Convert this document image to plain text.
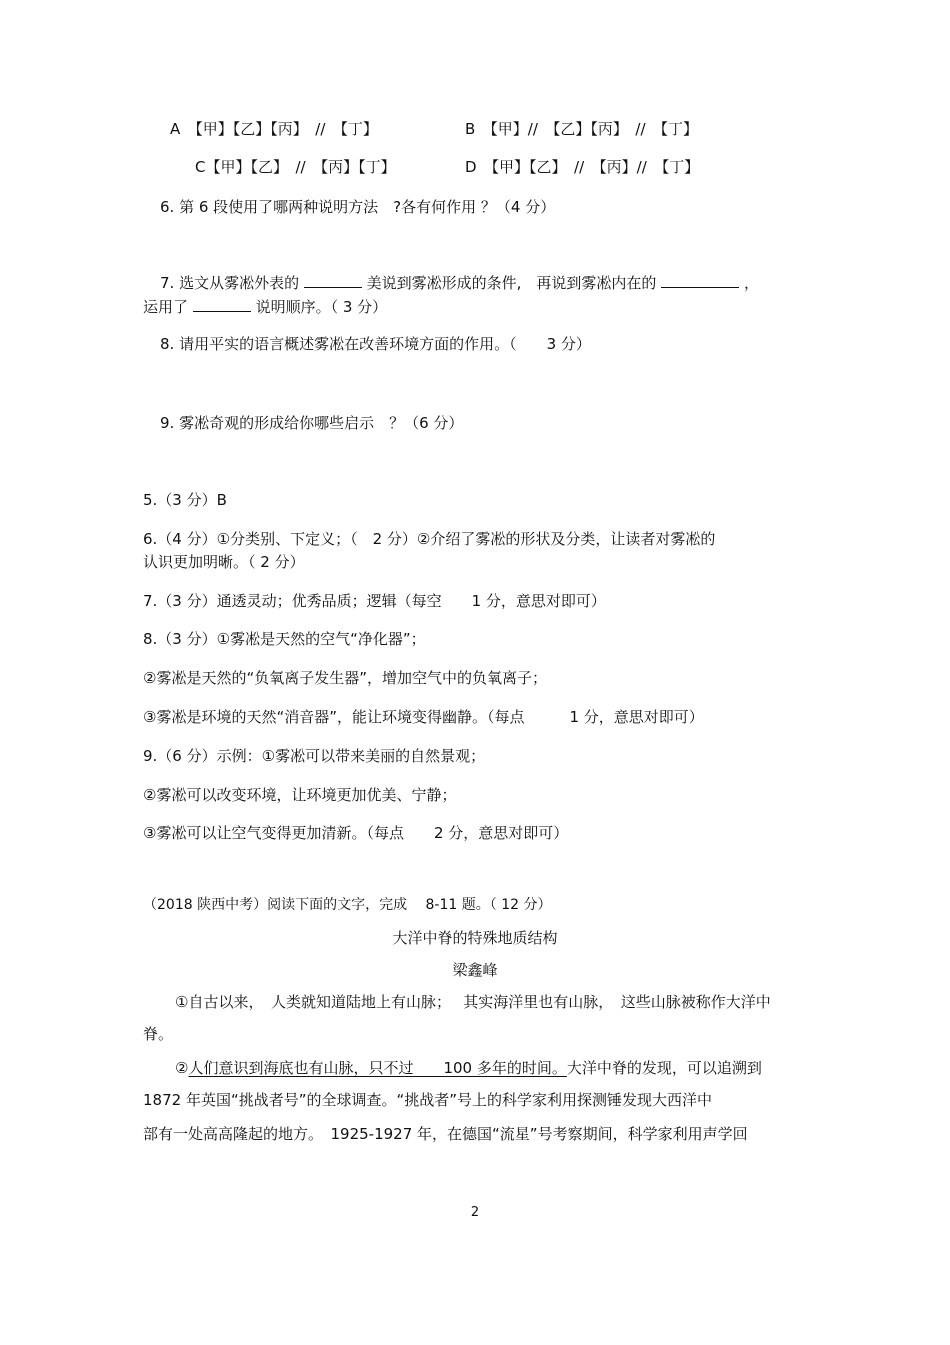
A　【甲】【乙】【丙】　//　【丁】	B　【甲】//　【乙】【丙】　//　【丁】
C【甲】【乙】　//　【丙】【丁】	D　【甲】【乙】　//　【丙】//　【丁】
6. 第 6 段使用了哪两种说明方法　?各有何作用 ？（4 分）
7. 选文从雾凇外表的	美说到雾凇形成的条件,　再说到雾凇内在的	，
运用了	说明顺序。（ 3 分）
8. 请用平实的语言概述雾凇在改善环境方面的作用。（　　3 分）
9. 雾凇奇观的形成给你哪些启示　？（6 分）
5.（3 分）B
6.（4 分）①分类别、下定义；（　2 分）②介绍了雾凇的形状及分类，让读者对雾凇的
认识更加明晰。（ 2 分）
7.（3 分）通透灵动；优秀品质；逻辑（每空　　1 分，意思对即可）
8.（3 分）①雾凇是天然的空气“净化器”；
②雾凇是天然的“负氧离子发生器”，增加空气中的负氧离子；
③雾凇是环境的天然“消音器”，能让环境变得幽静。（每点　　　1 分，意思对即可）
9.（6 分）示例：①雾凇可以带来美丽的自然景观；
②雾凇可以改变环境，让环境更加优美、宁静；
③雾凇可以让空气变得更加清新。（每点　　2 分，意思对即可）
（2018 陕西中考）阅读下面的文字，完成　 8-11 题。（ 12 分）
大洋中脊的特殊地质结构
梁鑫峰
①自古以来，　人类就知道陆地上有山脉；　 其实海洋里也有山脉，　这些山脉被称作大洋中
脊。
②人们意识到海底也有山脉，只不过　　100 多年的时间。大洋中脊的发现，可以追溯到
1872 年英国“挑战者号”的全球调查。“挑战者”号上的科学家利用探测锤发现大西洋中
部有一处高高隆起的地方。　1925-1927 年，在德国“流星”号考察期间，科学家利用声学回
2
